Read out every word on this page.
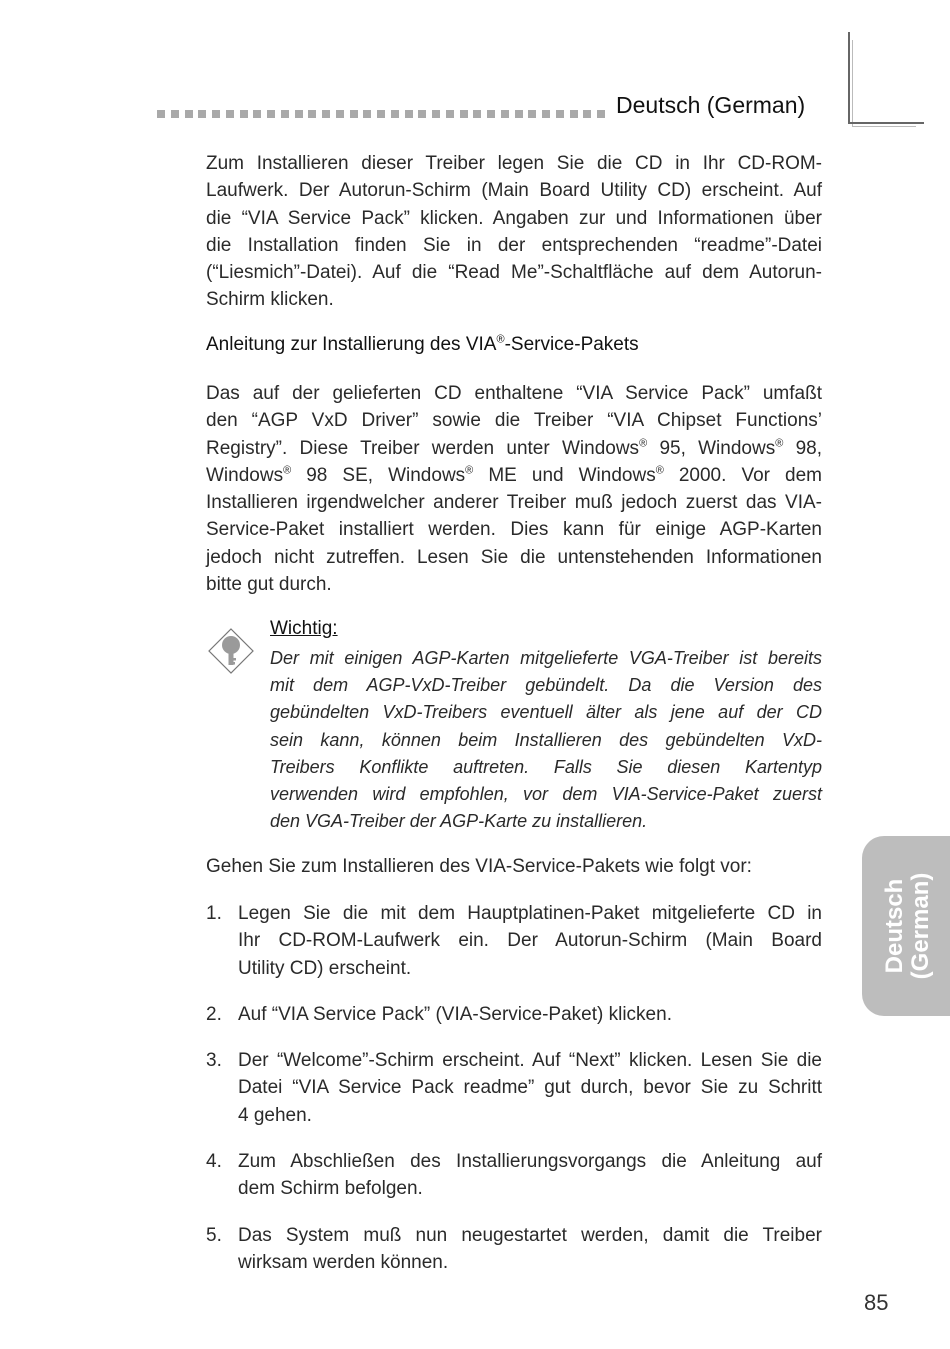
Deutsch (German)
Zum Installieren dieser Treiber legen Sie die CD in Ihr CD-ROM-
Laufwerk. Der Autorun-Schirm (Main Board Utility CD) erscheint. Auf
die “VIA Service Pack” klicken. Angaben zur und Informationen über
die Installation finden Sie in der entsprechenden “readme”-Datei
(“Liesmich”-Datei). Auf die “Read Me”-Schaltfläche auf dem Autorun-
Schirm klicken.
Anleitung zur Installierung des VIA®-Service-Pakets
Das auf der gelieferten CD enthaltene “VIA Service Pack” umfaßt
den “AGP VxD Driver” sowie die Treiber “VIA Chipset Functions’
Registry”. Diese Treiber werden unter Windows® 95, Windows® 98,
Windows® 98 SE, Windows® ME und Windows® 2000. Vor dem
Installieren irgendwelcher anderer Treiber muß jedoch zuerst das VIA-
Service-Paket installiert werden. Dies kann für einige AGP-Karten
jedoch nicht zutreffen. Lesen Sie die untenstehenden Informationen
bitte gut durch.
Wichtig:
Der mit einigen AGP-Karten mitgelieferte VGA-Treiber ist bereits
mit dem AGP-VxD-Treiber gebündelt. Da die Version des
gebündelten VxD-Treibers eventuell älter als jene auf der CD
sein kann, können beim Installieren des gebündelten VxD-
Treibers Konflikte auftreten. Falls Sie diesen Kartentyp
verwenden wird empfohlen, vor dem VIA-Service-Paket zuerst
den VGA-Treiber der AGP-Karte zu installieren.
Gehen Sie zum Installieren des VIA-Service-Pakets wie folgt vor:
1. Legen Sie die mit dem Hauptplatinen-Paket mitgelieferte CD in
Ihr CD-ROM-Laufwerk ein. Der Autorun-Schirm (Main Board
Utility CD) erscheint.
2. Auf “VIA Service Pack” (VIA-Service-Paket) klicken.
3. Der “Welcome”-Schirm erscheint. Auf “Next” klicken. Lesen Sie die
Datei “VIA Service Pack readme” gut durch, bevor Sie zu Schritt
4 gehen.
4. Zum Abschließen des Installierungsvorgangs die Anleitung auf
dem Schirm befolgen.
5. Das System muß nun neugestartet werden, damit die Treiber
wirksam werden können.
Deutsch (German)
85
